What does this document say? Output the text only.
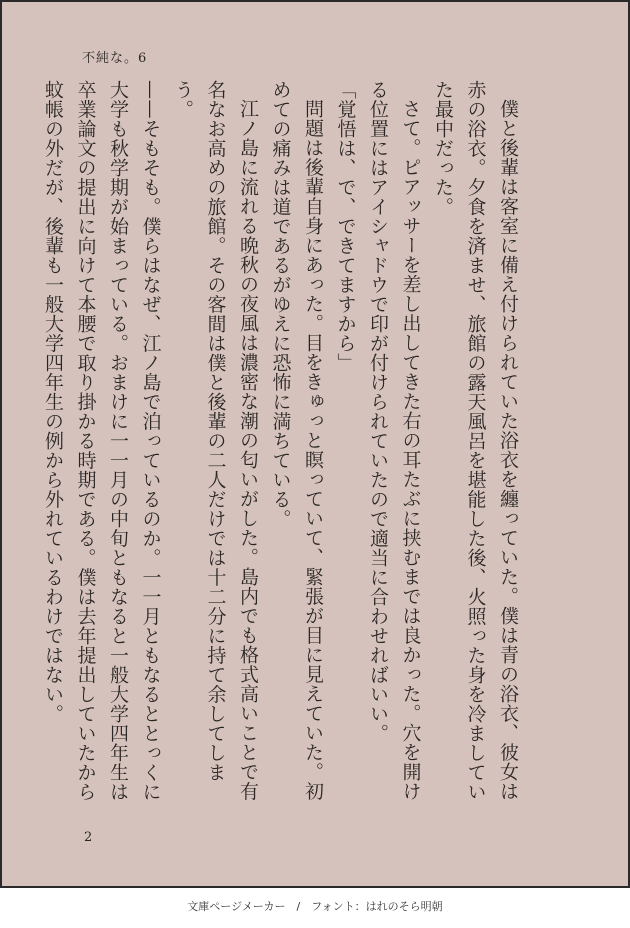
不純な。6

僕と後輩は客室に備え付けられていた浴衣を纏っていた。僕は青の浴衣、彼女は赤の浴衣。夕食を済ませ、旅館の露天風呂を堪能した後、火照った身を冷ましていた最中だった。

さて。ピアッサーを差し出してきた右の耳たぶに挟むまでは良かった。穴を開ける位置にはアイシャドウで印が付けられていたので適当に合わせればいい。

「覚悟は、で、できてますから」

問題は後輩自身にあった。目をきゅっと瞑っていて、緊張が目に見えていた。初めての痛みは道であるがゆえに恐怖に満ちている。

江ノ島に流れる晩秋の夜風は濃密な潮の匂いがした。島内でも格式高いことで有名なお高めの旅館。その客間は僕と後輩の二人だけでは十二分に持て余してしまう。

——そもそも。僕らはなぜ、江ノ島で泊っているのか。一一月ともなるととっくに大学も秋学期が始まっている。おまけに一一月の中旬ともなると一般大学四年生は卒業論文の提出に向けて本腰で取り掛かる時期である。僕は去年提出していたから蚊帳の外だが、後輩も一般大学四年生の例から外れているわけではない。

2
文庫ページメーカー　/　フォント：はれのそら明朝
